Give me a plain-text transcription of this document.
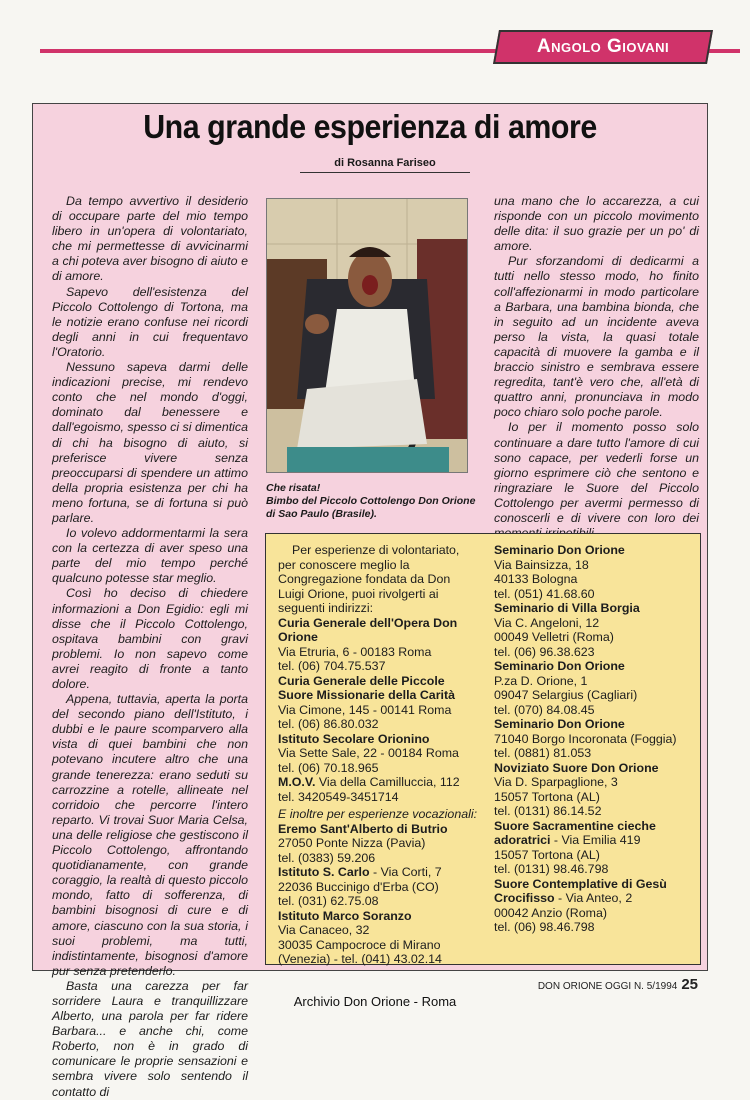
Angolo Giovani
Una grande esperienza di amore
di Rosanna Fariseo

Da tempo avvertivo il desiderio di occupare parte del mio tempo libero in un'opera di volontariato, che mi permettesse di avvicinarmi a chi poteva aver bisogno di aiuto e di amore.

Sapevo dell'esistenza del Piccolo Cottolengo di Tortona, ma le notizie erano confuse nei ricordi degli anni in cui frequentavo l'Oratorio.

Nessuno sapeva darmi delle indicazioni precise, mi rendevo conto che nel mondo d'oggi, dominato dal benessere e dall'egoismo, spesso ci si dimentica di chi ha bisogno di aiuto, si preferisce vivere senza preoccuparsi di spendere un attimo della propria esistenza per chi ha meno fortuna, se di fortuna si può parlare.

Io volevo addormentarmi la sera con la certezza di aver speso una parte del mio tempo perché qualcuno potesse star meglio.

Così ho deciso di chiedere informazioni a Don Egidio: egli mi disse che il Piccolo Cottolengo, ospitava bambini con gravi problemi. Io non sapevo come avrei reagito di fronte a tanto dolore.

Appena, tuttavia, aperta la porta del secondo piano dell'Istituto, i dubbi e le paure scomparvero alla vista di quei bambini che non potevano incutere altro che una grande tenerezza: erano seduti su carrozzine a rotelle, allineate nel corridoio che percorre l'intero reparto. Vi trovai Suor Maria Celsa, una delle religiose che gestiscono il Piccolo Cottolengo, affrontando quotidianamente, con grande coraggio, la realtà di questo piccolo mondo, fatto di sofferenza, di bambini bisognosi di cure e di amore, ciascuno con la sua storia, i suoi problemi, ma tutti, indistintamente, bisognosi d'amore pur senza pretenderlo.

Basta una carezza per far sorridere Laura e tranquillizzare Alberto, una parola per far ridere Barbara... e anche chi, come Roberto, non è in grado di comunicare le proprie sensazioni e sembra vivere solo sentendo il contatto di

Che risata!
Bimbo del Piccolo Cottolengo Don Orione di Sao Paulo (Brasile).

una mano che lo accarezza, a cui risponde con un piccolo movimento delle dita: il suo grazie per un po' di amore.

Pur sforzandomi di dedicarmi a tutti nello stesso modo, ho finito coll'affezionarmi in modo particolare a Barbara, una bambina bionda, che in seguito ad un incidente aveva perso la vista, la quasi totale capacità di muovere la gamba e il braccio sinistro e sembrava essere regredita, tant'è vero che, all'età di quattro anni, pronunciava in modo poco chiaro solo poche parole.

Io per il momento posso solo continuare a dare tutto l'amore di cui sono capace, per vederli forse un giorno esprimere ciò che sentono e ringraziare le Suore del Piccolo Cottolengo per avermi permesso di conoscerli e di vivere con loro dei

Per esperienze di volontariato, per conoscere meglio la Congregazione fondata da Don Luigi Orione, puoi rivolgerti ai seguenti indirizzi:

Curia Generale dell'Opera Don Orione

Via Etruria, 6 - 00183 Roma

tel. (06) 704.75.537

Curia Generale delle Piccole Suore Missionarie della Carità

Via Cimone, 145 - 00141 Roma

tel. (06) 86.80.032

Istituto Secolare Orionino

Via Sette Sale, 22 - 00184 Roma

tel. (06) 70.18.965

M.O.V. Via della Camilluccia, 112

tel. 3420549-3451714

E inoltre per esperienze vocazionali:

Eremo Sant'Alberto di Butrio

27050 Ponte Nizza (Pavia)

tel. (0383) 59.206

Istituto S. Carlo - Via Corti, 7

22036 Buccinigo d'Erba (CO)

tel. (031) 62.75.08

Istituto Marco Soranzo

Via Canaceo, 32

30035 Campocroce di Mirano (Venezia) - tel. (041) 43.02.14

Seminario Don Orione

Via Bainsizza, 18

40133 Bologna

tel. (051) 41.68.60

Seminario di Villa Borgia

Via C. Angeloni, 12

00049 Velletri (Roma)

tel. (06) 96.38.623

Seminario Don Orione

P.za D. Orione, 1

09047 Selargius (Cagliari)

tel. (070) 84.08.45

Seminario Don Orione

71040 Borgo Incoronata (Foggia)

tel. (0881) 81.053

Noviziato Suore Don Orione

Via D. Sparpaglione, 3

15057 Tortona (AL)

tel. (0131) 86.14.52

Suore Sacramentine cieche adoratrici - Via Emilia 419

15057 Tortona (AL)

tel. (0131) 98.46.798

Suore Contemplative di Gesù Crocifisso - Via Anteo, 2

00042 Anzio (Roma)

tel. (06) 98.46.798

DON ORIONE OGGI N. 5/1994 25
Archivio Don Orione - Roma
